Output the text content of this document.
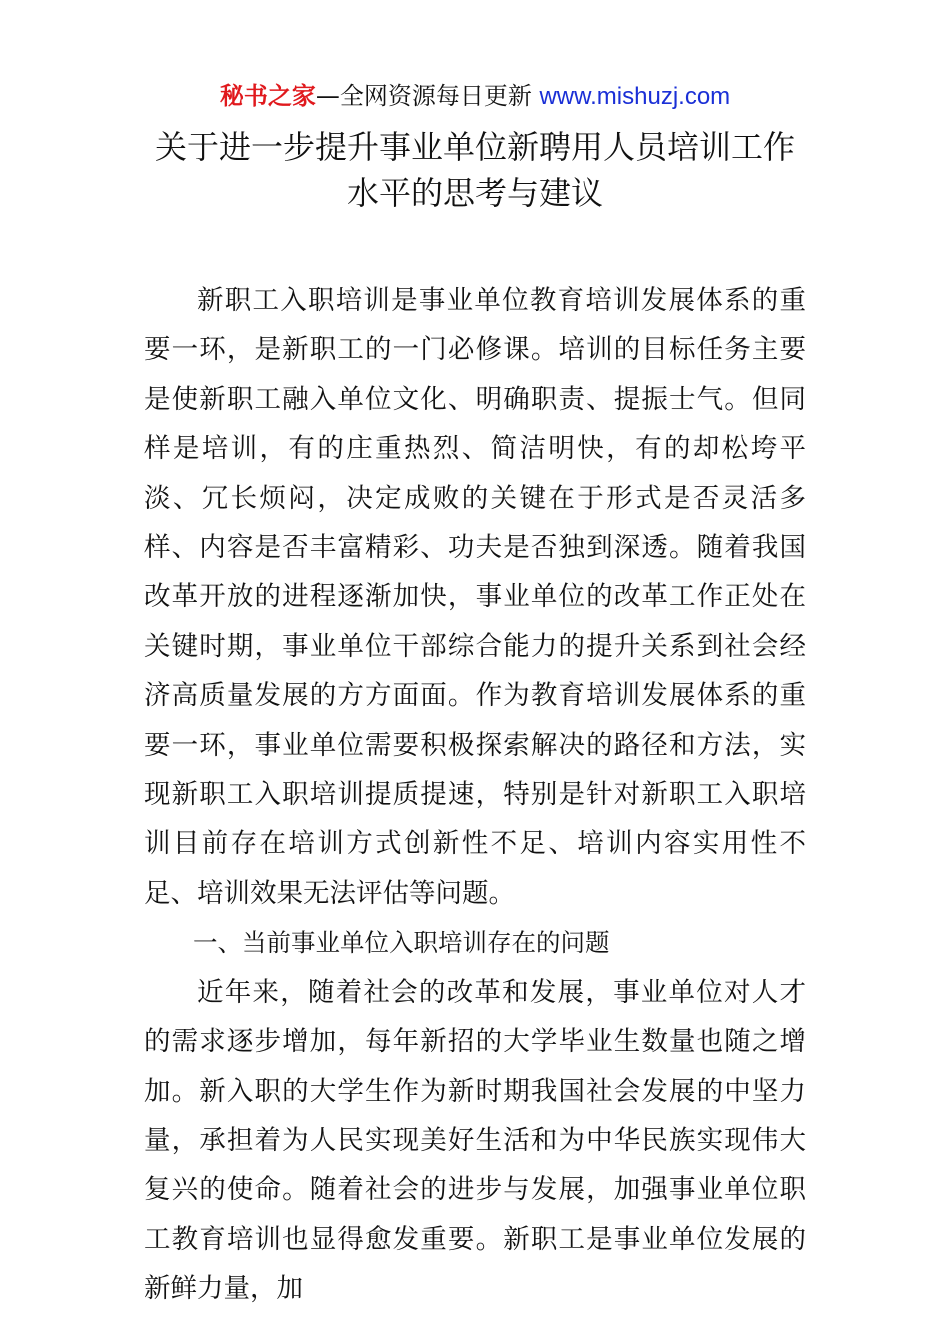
秘书之家—全网资源每日更新 www.mishuzj.com
关于进一步提升事业单位新聘用人员培训工作
水平的思考与建议

新职工入职培训是事业单位教育培训发展体系的重要一环，是新职工的一门必修课。培训的目标任务主要是使新职工融入单位文化、明确职责、提振士气。但同样是培训，有的庄重热烈、简洁明快，有的却松垮平淡、冗长烦闷，决定成败的关键在于形式是否灵活多样、内容是否丰富精彩、功夫是否独到深透。随着我国改革开放的进程逐渐加快，事业单位的改革工作正处在关键时期，事业单位干部综合能力的提升关系到社会经济高质量发展的方方面面。作为教育培训发展体系的重要一环，事业单位需要积极探索解决的路径和方法，实现新职工入职培训提质提速，特别是针对新职工入职培训目前存在培训方式创新性不足、培训内容实用性不足、培训效果无法评估等问题。

一、当前事业单位入职培训存在的问题

近年来，随着社会的改革和发展，事业单位对人才的需求逐步增加，每年新招的大学毕业生数量也随之增加。新入职的大学生作为新时期我国社会发展的中坚力量，承担着为人民实现美好生活和为中华民族实现伟大复兴的使命。随着社会的进步与发展，加强事业单位职工教育培训也显得愈发重要。新职工是事业单位发展的新鲜力量，加
